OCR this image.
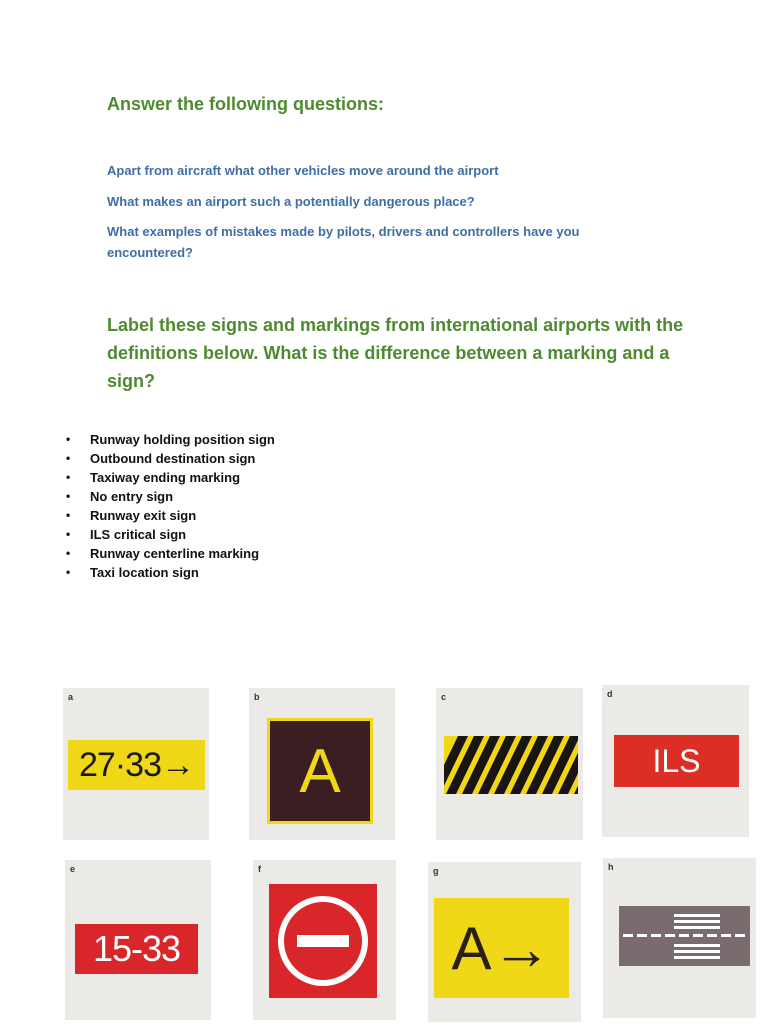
Answer the following questions:
Apart from aircraft what other vehicles move around the airport
What makes an airport such a potentially dangerous place?
What examples of mistakes made by pilots, drivers and controllers have you encountered?
Label these signs and markings from international airports with the definitions below. What is the difference between a marking and a sign?
•	Runway holding position sign
•	Outbound destination sign
•	Taxiway ending marking
•	No entry sign
•	Runway exit sign
•	ILS critical sign
•	Runway centerline marking
•	Taxi location sign
a
27·33→
b
A
c	d
ILS
e
15-33
f	g
A→
h
